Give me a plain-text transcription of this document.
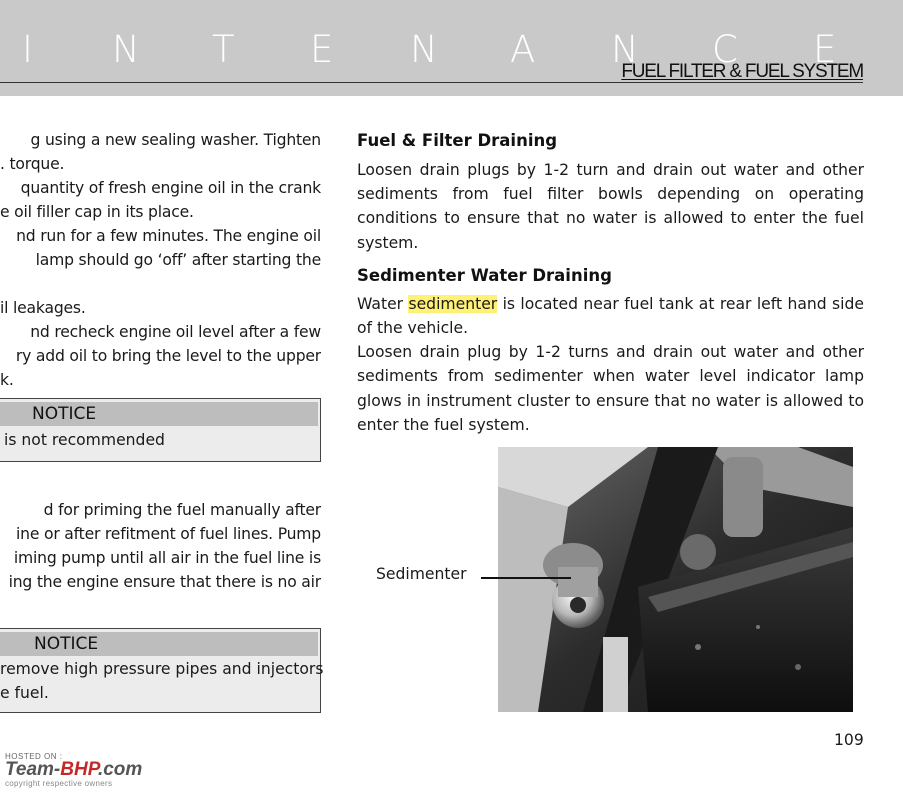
I N T E N A N C E
FUEL FILTER & FUEL SYSTEM
g using a new sealing washer. Tighten
. torque.
quantity of fresh engine oil in the crank
e oil filler cap in its place.
nd run for a few minutes. The engine oil
lamp should go ‘off’ after starting the
il leakages.
nd recheck engine oil level after a few
ry add oil to bring the level to the upper
k.
NOTICE
is not recommended
d for priming the fuel manually after
ine or after refitment of fuel lines. Pump
iming pump until all air in the fuel line is
ing the engine ensure that there is no air
NOTICE
remove high pressure pipes and injectors
e fuel.
Fuel & Filter Draining
Loosen drain plugs by 1-2 turn and drain out water and other sediments from fuel filter bowls depending on operating conditions to ensure that no water is allowed to enter the fuel system.
Sedimenter Water Draining
Water sedimenter is located near fuel tank at rear left hand side of the vehicle.
Loosen drain plug by 1-2 turns and drain out water and other sediments from sedimenter when water level indicator lamp glows in instrument cluster to ensure that no water is allowed to enter the fuel system.
Sedimenter
109
HOSTED ON :
Team-BHP.com
copyright respective owners
